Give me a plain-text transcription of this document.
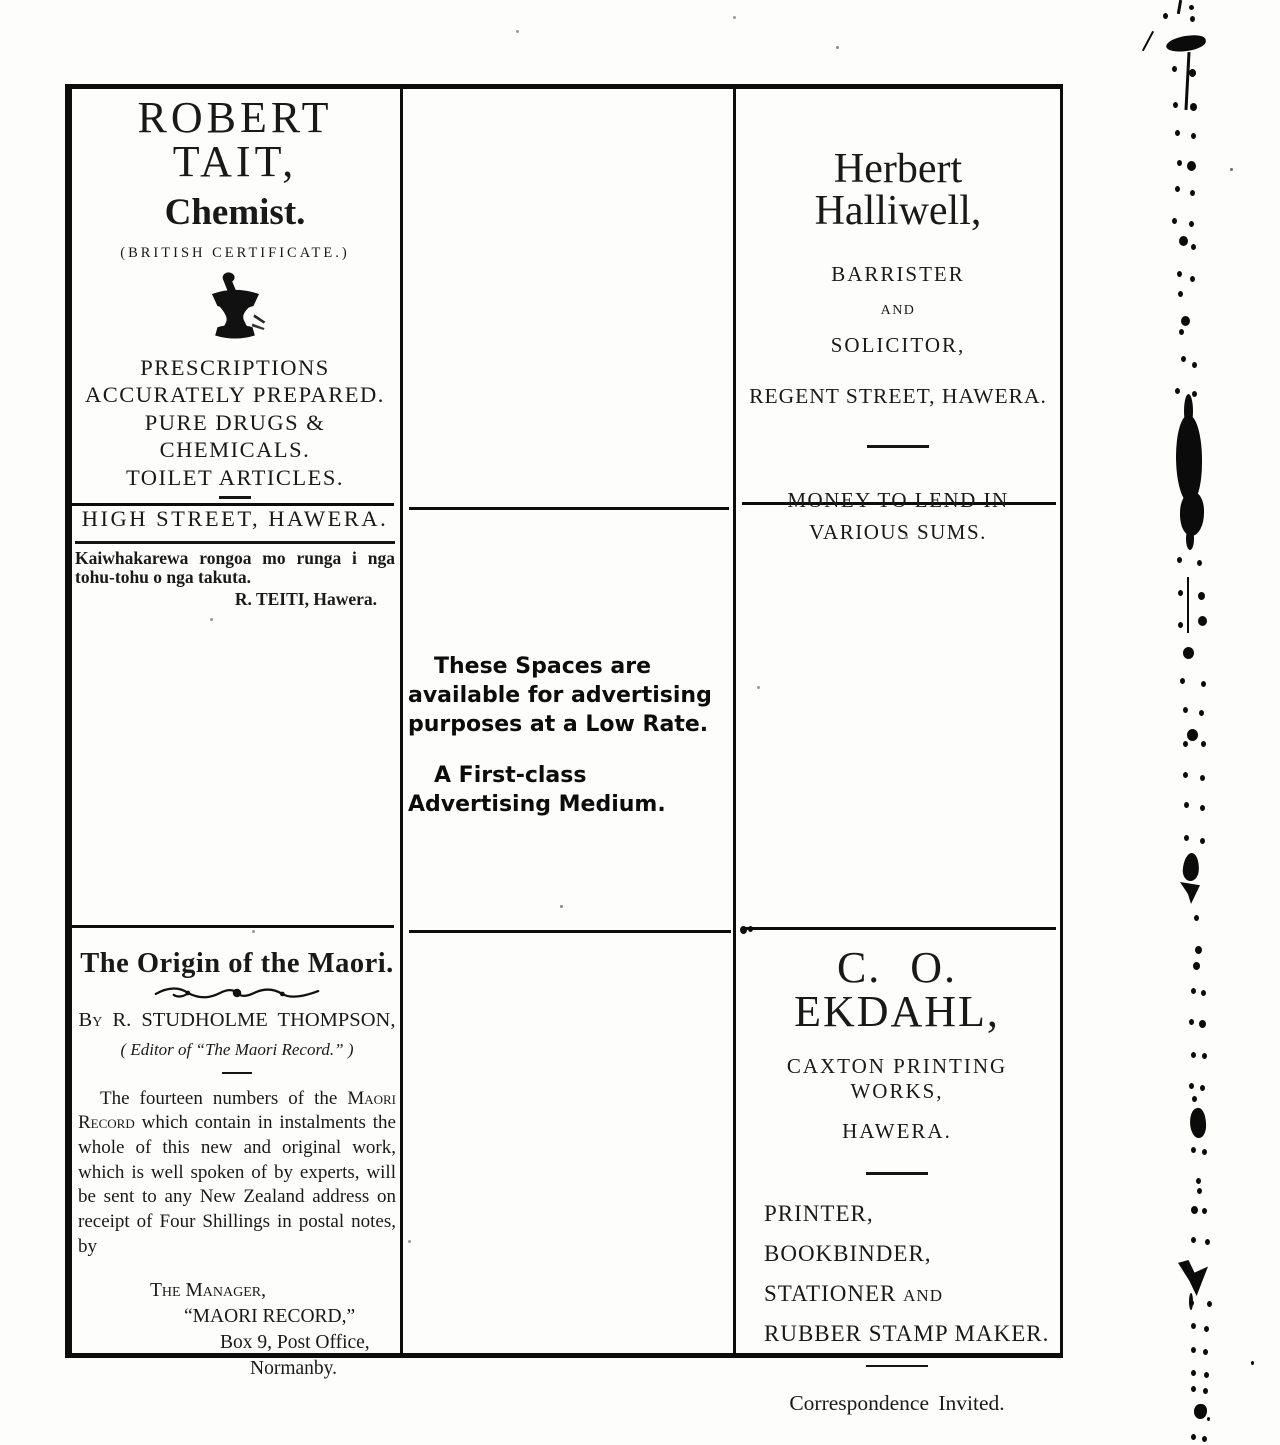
ROBERT TAIT,
Chemist.
(BRITISH CERTIFICATE.)
PRESCRIPTIONS ACCURATELY PREPARED.
PURE DRUGS & CHEMICALS.
TOILET ARTICLES.
HIGH STREET, HAWERA.
Kaiwhakarewa rongoa mo runga i nga tohu-tohu o nga takuta.
R. TEITI, Hawera.
Herbert Halliwell,
BARRISTER
AND
SOLICITOR,
REGENT STREET, HAWERA.
MONEY TO LEND IN
VARIOUS SUMS.

These Spaces are available for advertising purposes at a Low Rate.

A First-class Advertising Medium.

The Origin of the Maori.
By R. STUDHOLME THOMPSON,
( Editor of “The Maori Record.” )

The fourteen numbers of the Maori Record which contain in instalments the whole of this new and original work, which is well spoken of by experts, will be sent to any New Zealand address on receipt of Four Shillings in postal notes, by

The Manager,
“MAORI RECORD,”
Box 9, Post Office,
Normanby.
C. O. EKDAHL,
CAXTON PRINTING WORKS,
HAWERA.
PRINTER,
BOOKBINDER,
STATIONER AND
RUBBER STAMP MAKER.
Correspondence Invited.
